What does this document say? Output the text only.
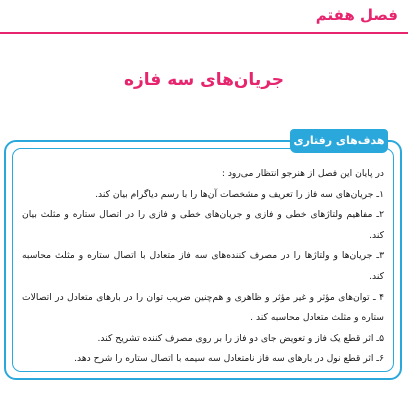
فصل هفتم
جریان‌های سه فازه
هدف‌های رفتاری

در پایان این فصل از هنرجو انتظار می‌رود :

۱ـ جریان‌های سه فاز را تعریف و مشخصات آن‌ها را با رسم دیاگرام بیان کند.

۲ـ مفاهیم ولتاژهای خطی و فازی و جریان‌های خطی و فازی را در اتصال ستاره و مثلث بیان کند.

۳ـ جریان‌ها و ولتاژها را در مصرف کننده‌های سه فاز متعادل با اتصال ستاره و مثلث محاسبه کند.

۴ ـ توان‌های مؤثر و غیر مؤثر و ظاهری و هم‌چنین ضریب توان را در بارهای متعادل در اتصالات ستاره و مثلث متعادل محاسبه کند .

۵ـ اثر قطع یک فاز و تعویض جای دو فاز را بر روی مصرف کننده تشریح کند.

۶ـ اثر قطع نول در بارهای سه فاز نامتعادل سه سیمه با اتصال ستاره را شرح دهد.
